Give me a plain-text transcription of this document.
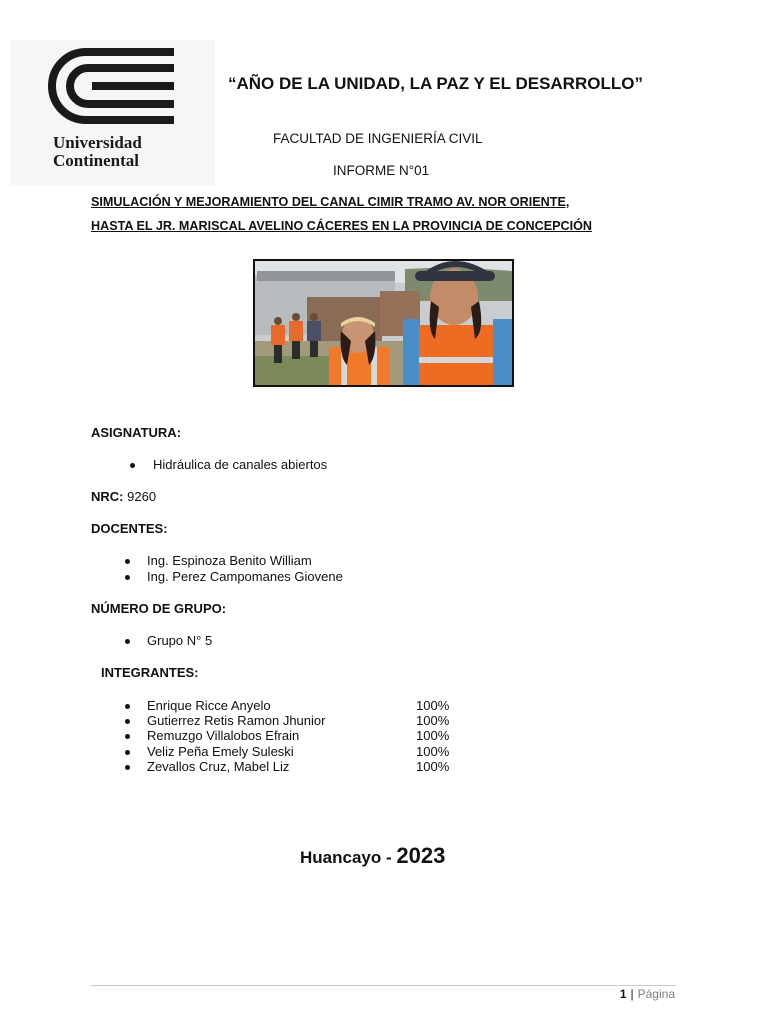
Universidad
Continental
“AÑO DE LA UNIDAD, LA PAZ Y EL DESARROLLO”
FACULTAD DE INGENIERÍA CIVIL
INFORME N°01
SIMULACIÓN Y MEJORAMIENTO DEL CANAL CIMIR TRAMO AV. NOR ORIENTE,
HASTA EL JR. MARISCAL AVELINO CÁCERES EN LA PROVINCIA DE CONCEPCIÓN
ASIGNATURA:
Hidráulica de canales abiertos
NRC: 9260
DOCENTES:
Ing. Espinoza Benito William
Ing. Perez Campomanes Giovene
NÚMERO DE GRUPO:
Grupo N° 5
INTEGRANTES:
Enrique Ricce Anyelo	100%
Gutierrez Retis Ramon Jhunior	100%
Remuzgo Villalobos Efrain	100%
Veliz Peña Emely Suleski	100%
Zevallos Cruz, Mabel Liz	100%
Huancayo - 2023
1 | Página
